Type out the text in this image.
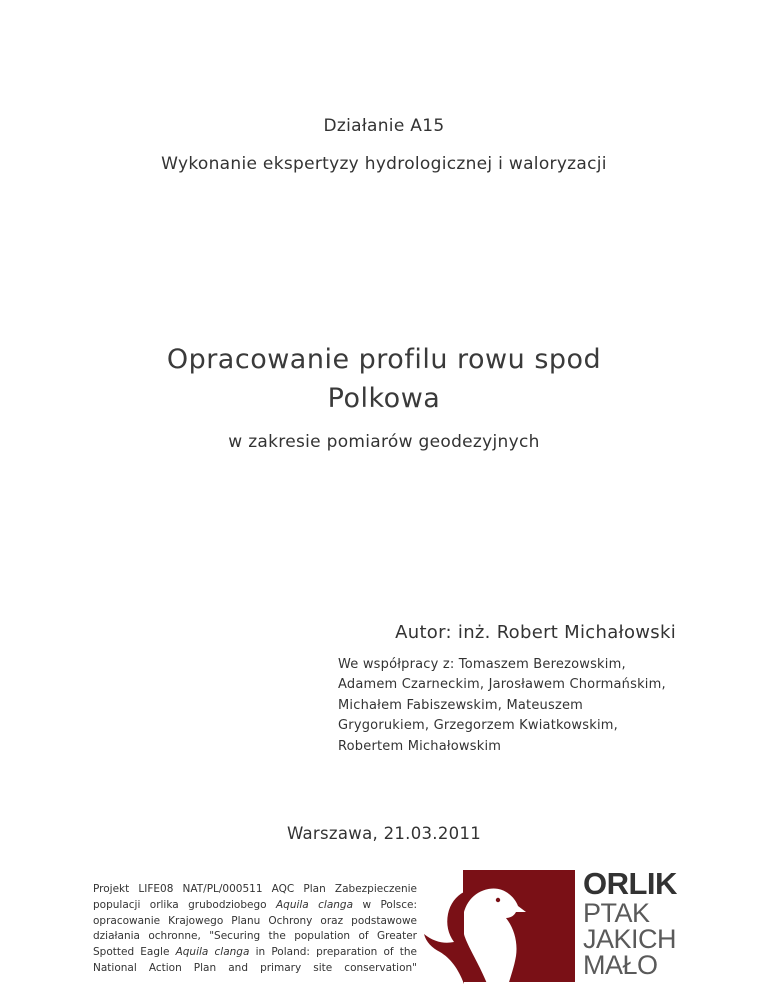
Działanie A15
Wykonanie ekspertyzy hydrologicznej i waloryzacji
Opracowanie profilu rowu spod Polkowa
w zakresie pomiarów geodezyjnych
Autor: inż. Robert Michałowski
We współpracy z: Tomaszem Berezowskim, Adamem Czarneckim, Jarosławem Chormańskim, Michałem Fabiszewskim, Mateuszem Grygorukiem, Grzegorzem Kwiatkowskim, Robertem Michałowskim
Warszawa, 21.03.2011
Projekt LIFE08 NAT/PL/000511 AQC Plan Zabezpieczenie populacji orlika grubodziobego Aquila clanga w Polsce: opracowanie Krajowego Planu Ochrony oraz podstawowe działania ochronne, "Securing the population of Greater Spotted Eagle Aquila clanga in Poland: preparation of the National Action Plan and primary site conservation"
ORLIK
PTAK
JAKICH
MAŁO
